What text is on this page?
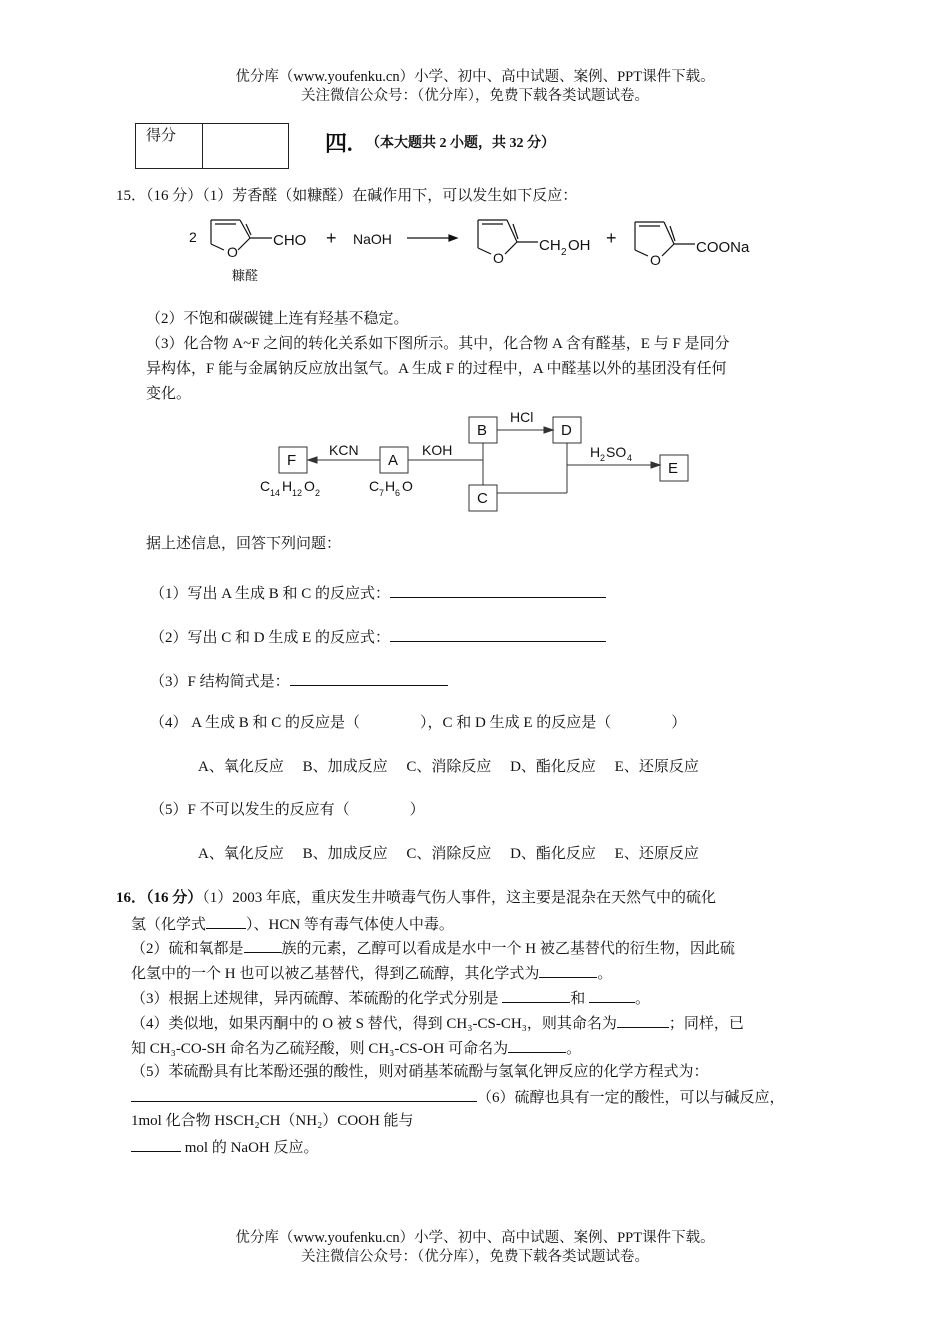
优分库（www.youfenku.cn）小学、初中、高中试题、案例、PPT课件下载。
关注微信公众号：（优分库），免费下载各类试题试卷。
得分	四. （本大题共 2 小题，共 32 分）
15．（16 分）（1）芳香醛（如糠醛）在碱作用下，可以发生如下反应：
2
O
CHO
糠醛
+ NaOH
O
CH 2 OH +
O
COONa
（2）不饱和碳碳键上连有羟基不稳定。
（3）化合物 A~F 之间的转化关系如下图所示。其中，化合物 A 含有醛基，E 与 F 是同分
异构体，F 能与金属钠反应放出氢气。A 生成 F 的过程中，A 中醛基以外的基团没有任何
变化。
F	A
B	D
C
E
KCN	KOH
HCl
H 2 SO 4
C 14 H 12 O 2	C 7 H 6 O
据上述信息，回答下列问题：
（1）写出 A 生成 B 和 C 的反应式：
（2）写出 C 和 D 生成 E 的反应式：
（3）F 结构简式是：
（4） A 生成 B 和 C 的反应是（　　　　），C 和 D 生成 E 的反应是（　　　　）
A、氧化反应　 B、加成反应　 C、消除反应　 D、酯化反应　 E、还原反应
（5）F 不可以发生的反应有（　　　　）
A、氧化反应　 B、加成反应　 C、消除反应　 D、酯化反应　 E、还原反应
16．（16 分）（1）2003 年底，重庆发生井喷毒气伤人事件，这主要是混杂在天然气中的硫化
氢（化学式	）、HCN 等有毒气体使人中毒。
（2）硫和氧都是	族的元素，乙醇可以看成是水中一个 H 被乙基替代的衍生物，因此硫
化氢中的一个 H 也可以被乙基替代，得到乙硫醇，其化学式为	。
（3）根据上述规律，异丙硫醇、苯硫酚的化学式分别是	和	。
（4）类似地，如果丙酮中的 O 被 S 替代，得到 CH₃-CS-CH₃，则其命名为	；同样，已
知 CH₃-CO-SH 命名为乙硫羟酸，则 CH₃-CS-OH 可命名为	。
（5）苯硫酚具有比苯酚还强的酸性，则对硝基苯硫酚与氢氧化钾反应的化学方程式为：
（6）硫醇也具有一定的酸性，可以与碱反应，
1mol 化合物 HSCH₂CH（NH₂）COOH 能与
mol 的 NaOH 反应。
优分库（www.youfenku.cn）小学、初中、高中试题、案例、PPT课件下载。
关注微信公众号：（优分库），免费下载各类试题试卷。
